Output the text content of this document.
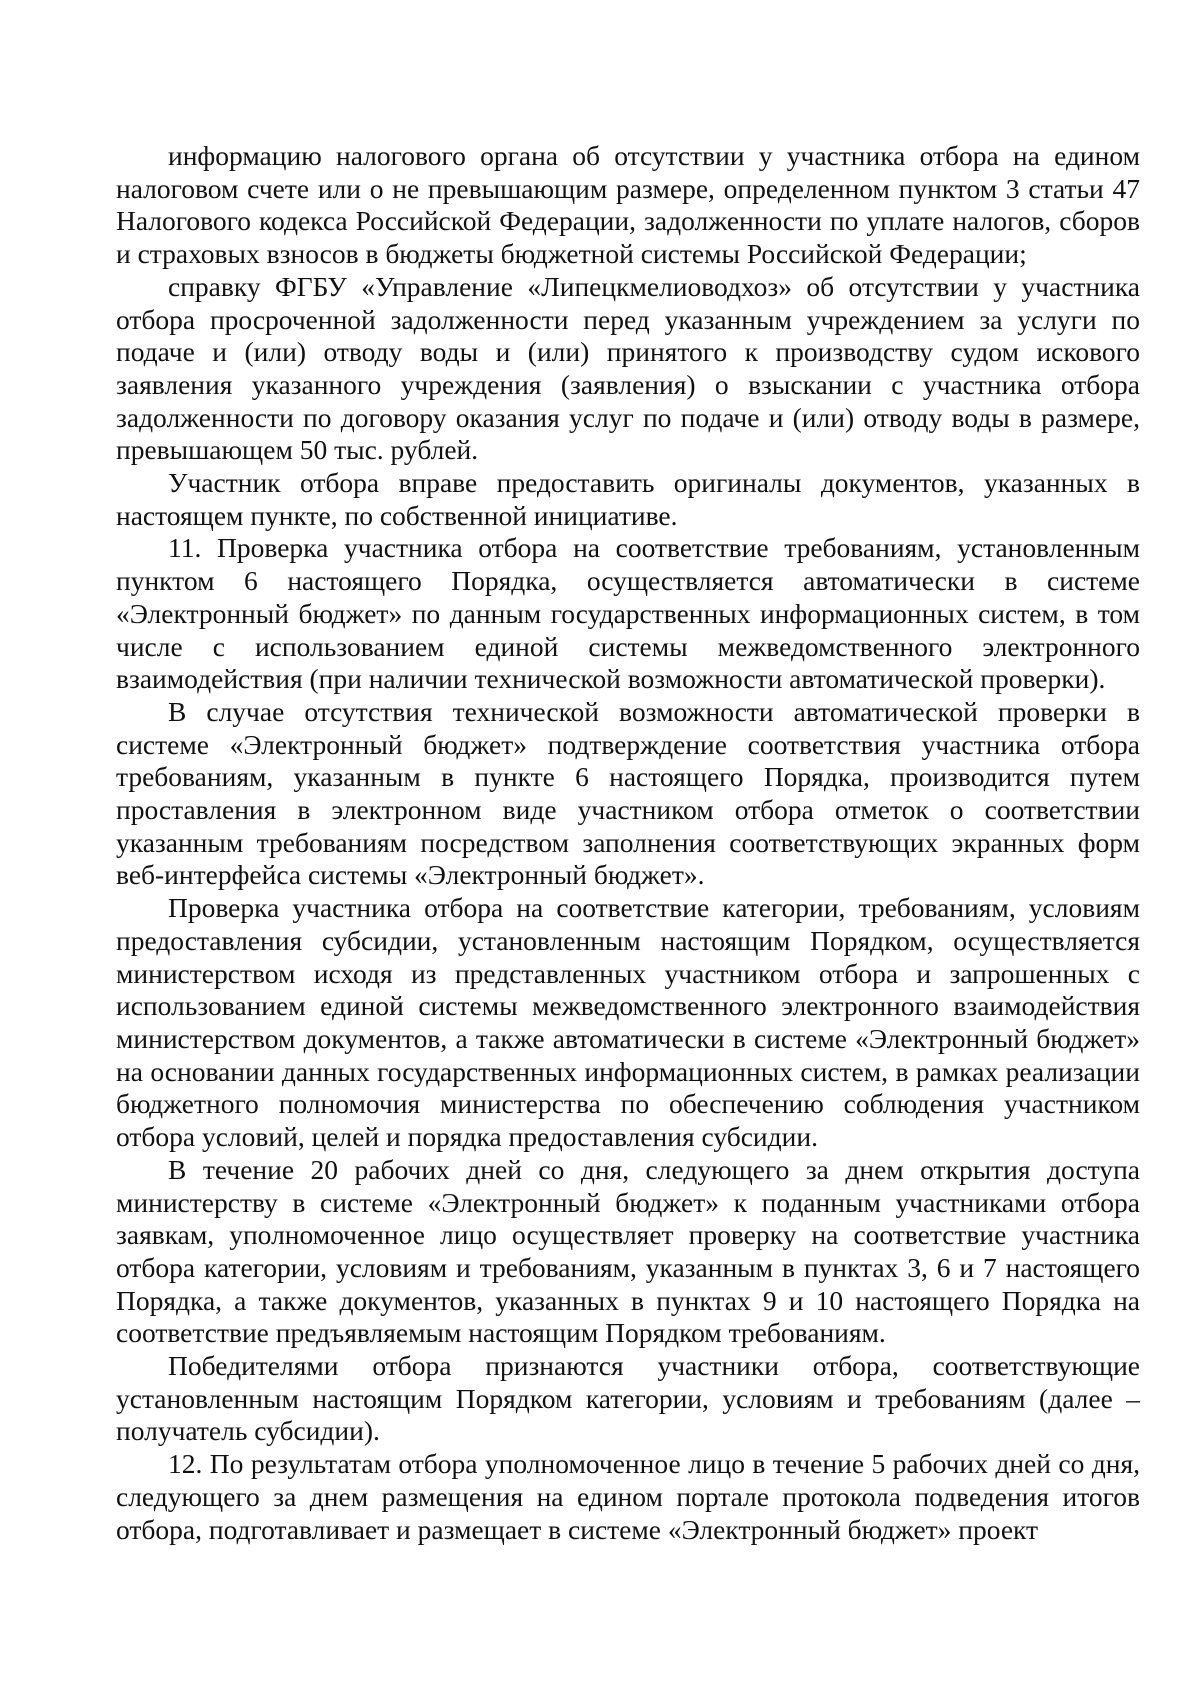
информацию налогового органа об отсутствии у участника отбора на едином налоговом счете или о не превышающим размере, определенном пунктом 3 статьи 47 Налогового кодекса Российской Федерации, задолженности по уплате налогов, сборов и страховых взносов в бюджеты бюджетной системы Российской Федерации;

справку ФГБУ «Управление «Липецкмелиоводхоз» об отсутствии у участника отбора просроченной задолженности перед указанным учреждением за услуги по подаче и (или) отводу воды и (или) принятого к производству судом искового заявления указанного учреждения (заявления) о взыскании с участника отбора задолженности по договору оказания услуг по подаче и (или) отводу воды в размере, превышающем 50 тыс. рублей.

Участник отбора вправе предоставить оригиналы документов, указанных в настоящем пункте, по собственной инициативе.

11. Проверка участника отбора на соответствие требованиям, установленным пунктом 6 настоящего Порядка, осуществляется автоматически в системе «Электронный бюджет» по данным государственных информационных систем, в том числе с использованием единой системы межведомственного электронного взаимодействия (при наличии технической возможности автоматической проверки).

В случае отсутствия технической возможности автоматической проверки в системе «Электронный бюджет» подтверждение соответствия участника отбора требованиям, указанным в пункте 6 настоящего Порядка, производится путем проставления в электронном виде участником отбора отметок о соответствии указанным требованиям посредством заполнения соответствующих экранных форм веб-интерфейса системы «Электронный бюджет».

Проверка участника отбора на соответствие категории, требованиям, условиям предоставления субсидии, установленным настоящим Порядком, осуществляется министерством исходя из представленных участником отбора и запрошенных с использованием единой системы межведомственного электронного взаимодействия министерством документов, а также автоматически в системе «Электронный бюджет» на основании данных государственных информационных систем, в рамках реализации бюджетного полномочия министерства по обеспечению соблюдения участником отбора условий, целей и порядка предоставления субсидии.

В течение 20 рабочих дней со дня, следующего за днем открытия доступа министерству в системе «Электронный бюджет» к поданным участниками отбора заявкам, уполномоченное лицо осуществляет проверку на соответствие участника отбора категории, условиям и требованиям, указанным в пунктах 3, 6 и 7 настоящего Порядка, а также документов, указанных в пунктах 9 и 10 настоящего Порядка на соответствие предъявляемым настоящим Порядком требованиям.

Победителями отбора признаются участники отбора, соответствующие установленным настоящим Порядком категории, условиям и требованиям (далее – получатель субсидии).

12. По результатам отбора уполномоченное лицо в течение 5 рабочих дней со дня, следующего за днем размещения на едином портале протокола подведения итогов отбора, подготавливает и размещает в системе «Электронный бюджет» проект
